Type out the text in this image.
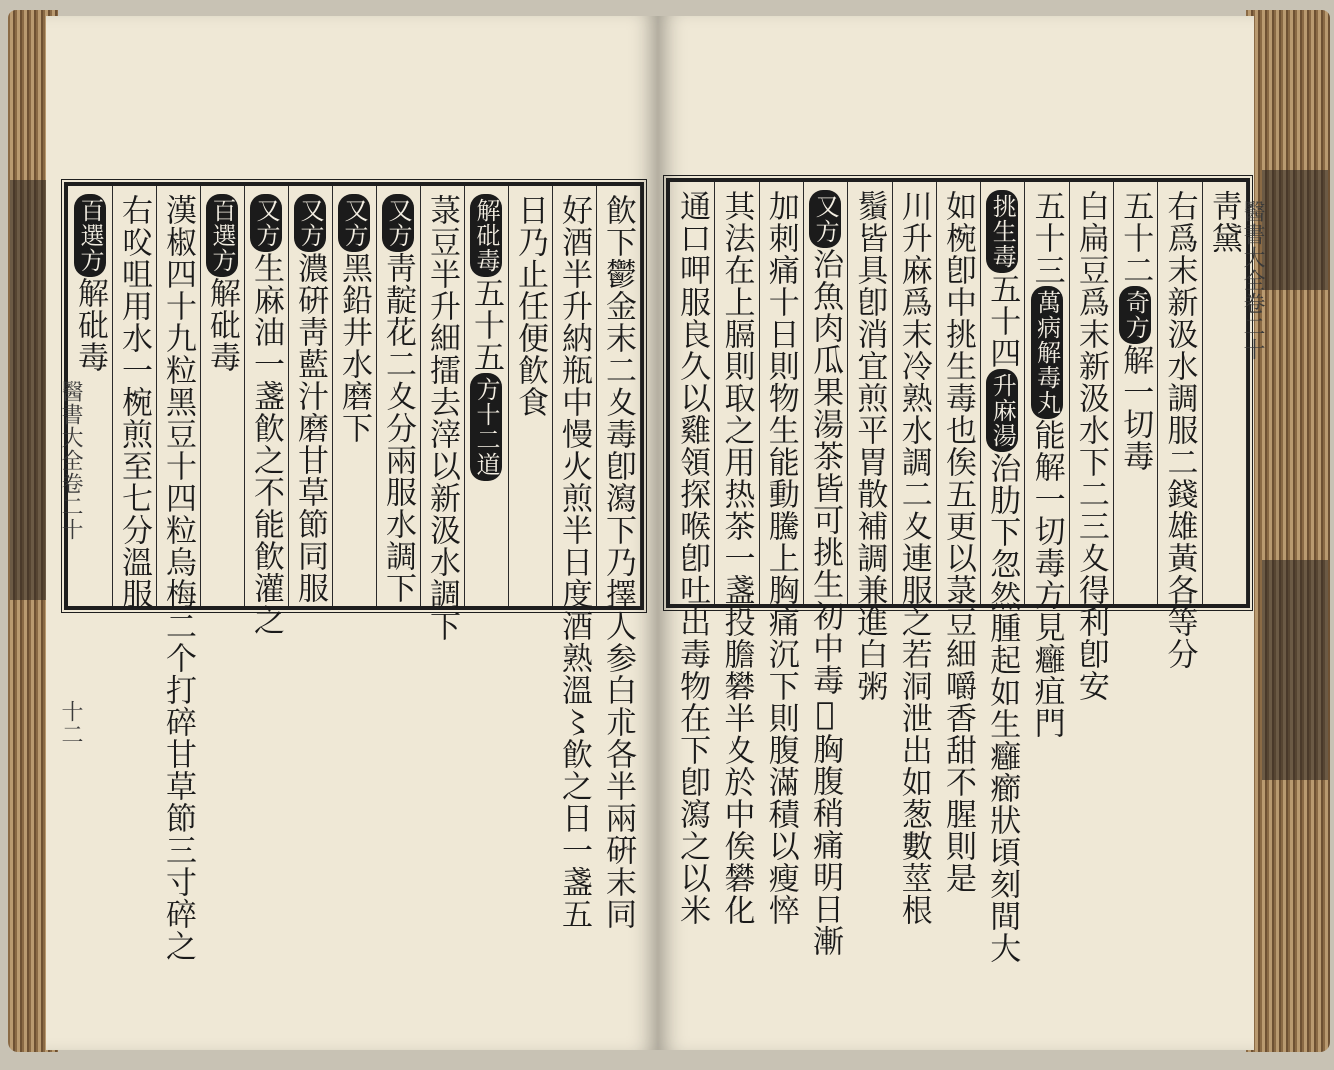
飮下鬱金末二夊毒卽瀉下乃擇人参白朮各半兩硏末同
好酒半升納瓶中慢火煎半日度酒熟溫〻飮之日一盞五
日乃止任便飮食
解砒毒五十五方十二道
菉豆半升細擂去滓以新汲水調下
又方靑靛花二夊分兩服水調下
又方黑鉛井水磨下
又方濃硏靑藍汁磨甘草節同服
又方生麻油一盞飮之不能飮灌之
百選方解砒毒
漢椒四十九粒黑豆十四粒烏梅二个打碎甘草節三寸碎之
右㕮咀用水一椀煎至七分溫服
百選方解砒毒
靑黛
右爲末新汲水調服二錢雄黃各等分
五十二奇方解一切毒
白扁豆爲末新汲水下二三夊得利卽安
五十三萬病解毒丸能解一切毒方見癰疽門
挑生毒五十四升麻湯治肋下忽然腫起如生癰癤狀頃刻間大
如椀卽中挑生毒也俟五更以菉豆細嚼香甜不腥則是
川升麻爲末冷熟水調二夊連服之若洞泄出如葱數莖根
鬚皆具卽消宜煎平胃散補調兼進白粥
又方治魚肉瓜果湯茶皆可挑生初中毒𮘎胸腹稍痛明日漸
加刺痛十日則物生能動騰上胸痛沉下則腹滿積以瘦悴
其法在上膈則取之用热茶一盞投膽礬半夊於中俟礬化
通口呷服良久以雞領探喉卽吐出毒物在下卽瀉之以米
醫書大全卷二十
十二
醫書大全卷二十
